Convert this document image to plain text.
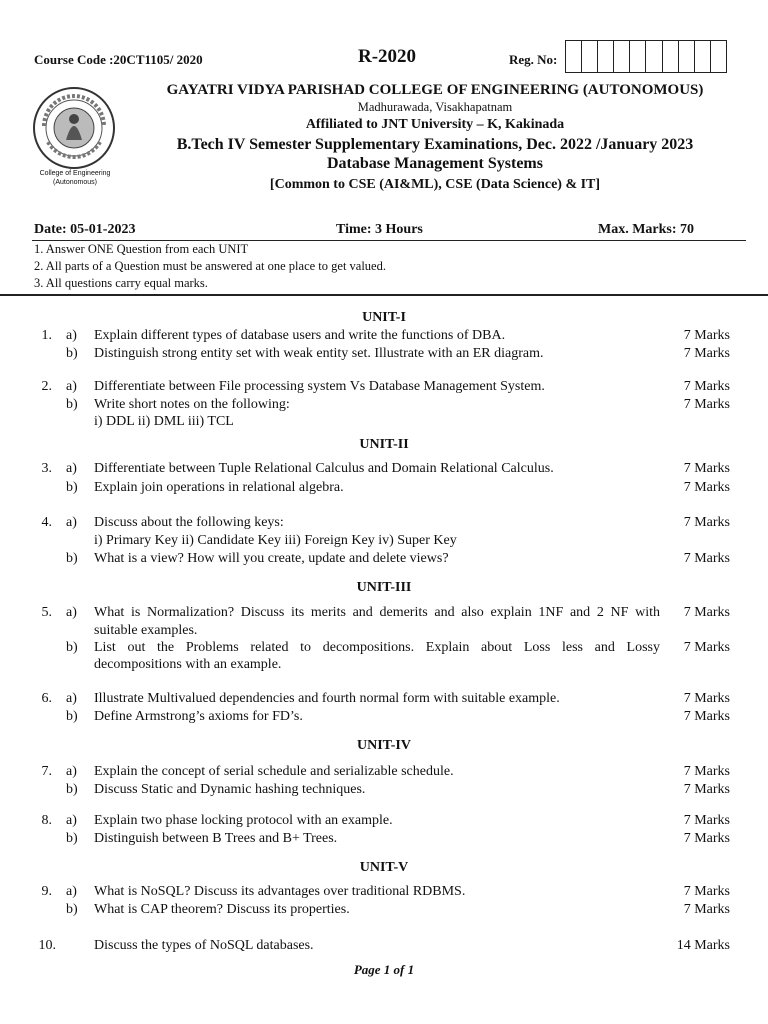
Course Code :20CT1105/ 2020	R-2020	Reg. No:
College of Engineering
(Autonomous)
GAYATRI VIDYA PARISHAD COLLEGE OF ENGINEERING (AUTONOMOUS)
Madhurawada, Visakhapatnam
Affiliated to JNT University – K, Kakinada
B.Tech IV Semester Supplementary Examinations, Dec. 2022 /January 2023
Database Management Systems
[Common to CSE (AI&ML), CSE (Data Science) & IT]
Date: 05-01-2023	Time: 3 Hours	Max. Marks: 70
1. Answer ONE Question from each UNIT
2. All parts of a Question must be answered at one place to get valued.
3. All questions carry equal marks.
UNIT-I
1. a) Explain different types of database users and write the functions of DBA.	7 Marks
b) Distinguish strong entity set with weak entity set. Illustrate with an ER diagram.	7 Marks
2. a) Differentiate between File processing system Vs Database Management System.	7 Marks
b) Write short notes on the following:	7 Marks
i) DDL ii) DML iii) TCL
UNIT-II
3. a) Differentiate between Tuple Relational Calculus and Domain Relational Calculus.	7 Marks
b) Explain join operations in relational algebra.	7 Marks
4. a) Discuss about the following keys:	7 Marks
i) Primary Key ii) Candidate Key iii) Foreign Key iv) Super Key
b) What is a view? How will you create, update and delete views?	7 Marks
UNIT-III
5. a) What is Normalization? Discuss its merits and demerits and also explain 1NF and 2 NF with	7 Marks
suitable examples.
b) List out the Problems related to decompositions. Explain about Loss less and Lossy	7 Marks
decompositions with an example.
6. a) Illustrate Multivalued dependencies and fourth normal form with suitable example.	7 Marks
b) Define Armstrong’s axioms for FD’s.	7 Marks
UNIT-IV
7. a) Explain the concept of serial schedule and serializable schedule.	7 Marks
b) Discuss Static and Dynamic hashing techniques.	7 Marks
8. a) Explain two phase locking protocol with an example.	7 Marks
b) Distinguish between B Trees and B+ Trees.	7 Marks
UNIT-V
9. a) What is NoSQL? Discuss its advantages over traditional RDBMS.	7 Marks
b) What is CAP theorem? Discuss its properties.	7 Marks
10.	Discuss the types of NoSQL databases.	14 Marks
Page 1 of 1
